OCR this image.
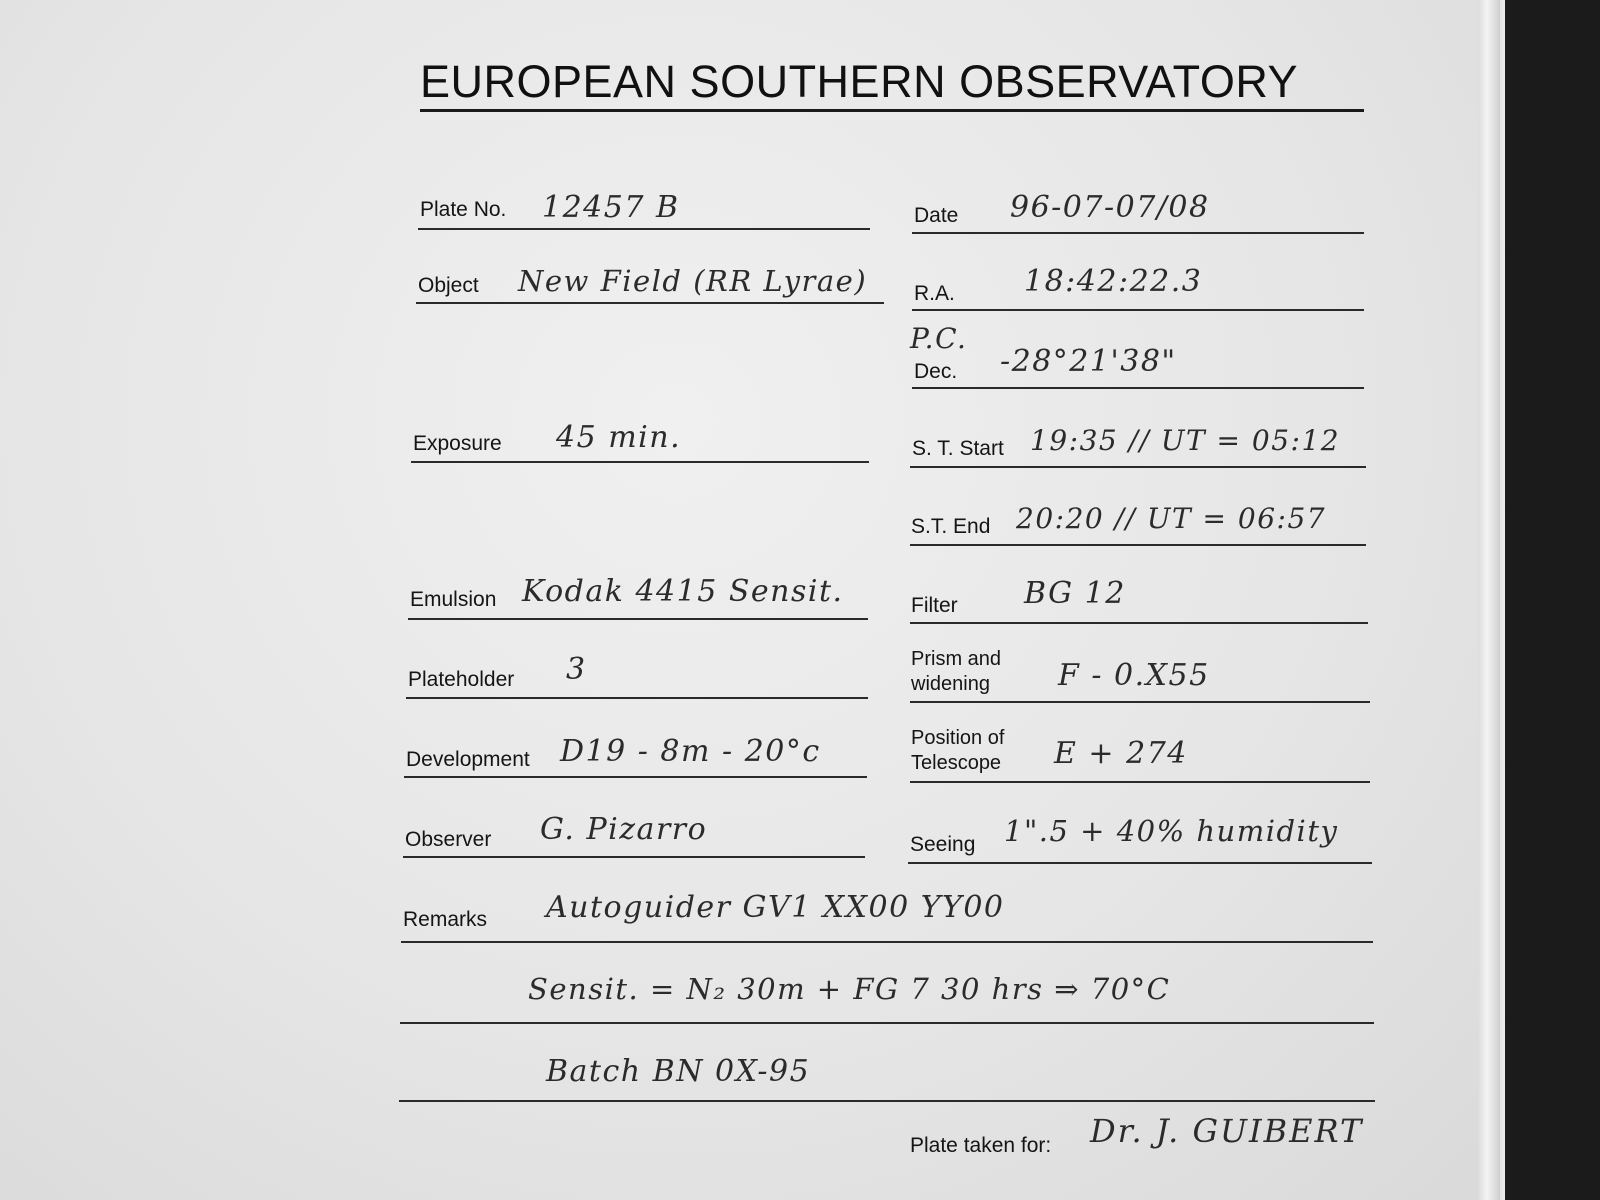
EUROPEAN SOUTHERN OBSERVATORY
Plate No. 12457 B	Date 96-07-07/08
Object New Field (RR Lyrae) R.A. 18:42:22.3
P.C.
Dec. -28°21'38"
Exposure 45 min.	S. T. Start 19:35 // UT = 05:12
S.T. End 20:20 // UT = 06:57
Emulsion Kodak 4415 Sensit.	Filter BG 12
Plateholder 3	Prism and
widening F - 0.X55
Development D19 - 8m - 20°c	Position of
Telescope E + 274
Observer G. Pizarro	Seeing 1".5 + 40% humidity
Remarks Autoguider GV1 XX00 YY00
Sensit. = N₂ 30m + FG 7 30 hrs ⇒ 70°C
Batch BN 0X-95
Plate taken for: Dr. J. GUIBERT
